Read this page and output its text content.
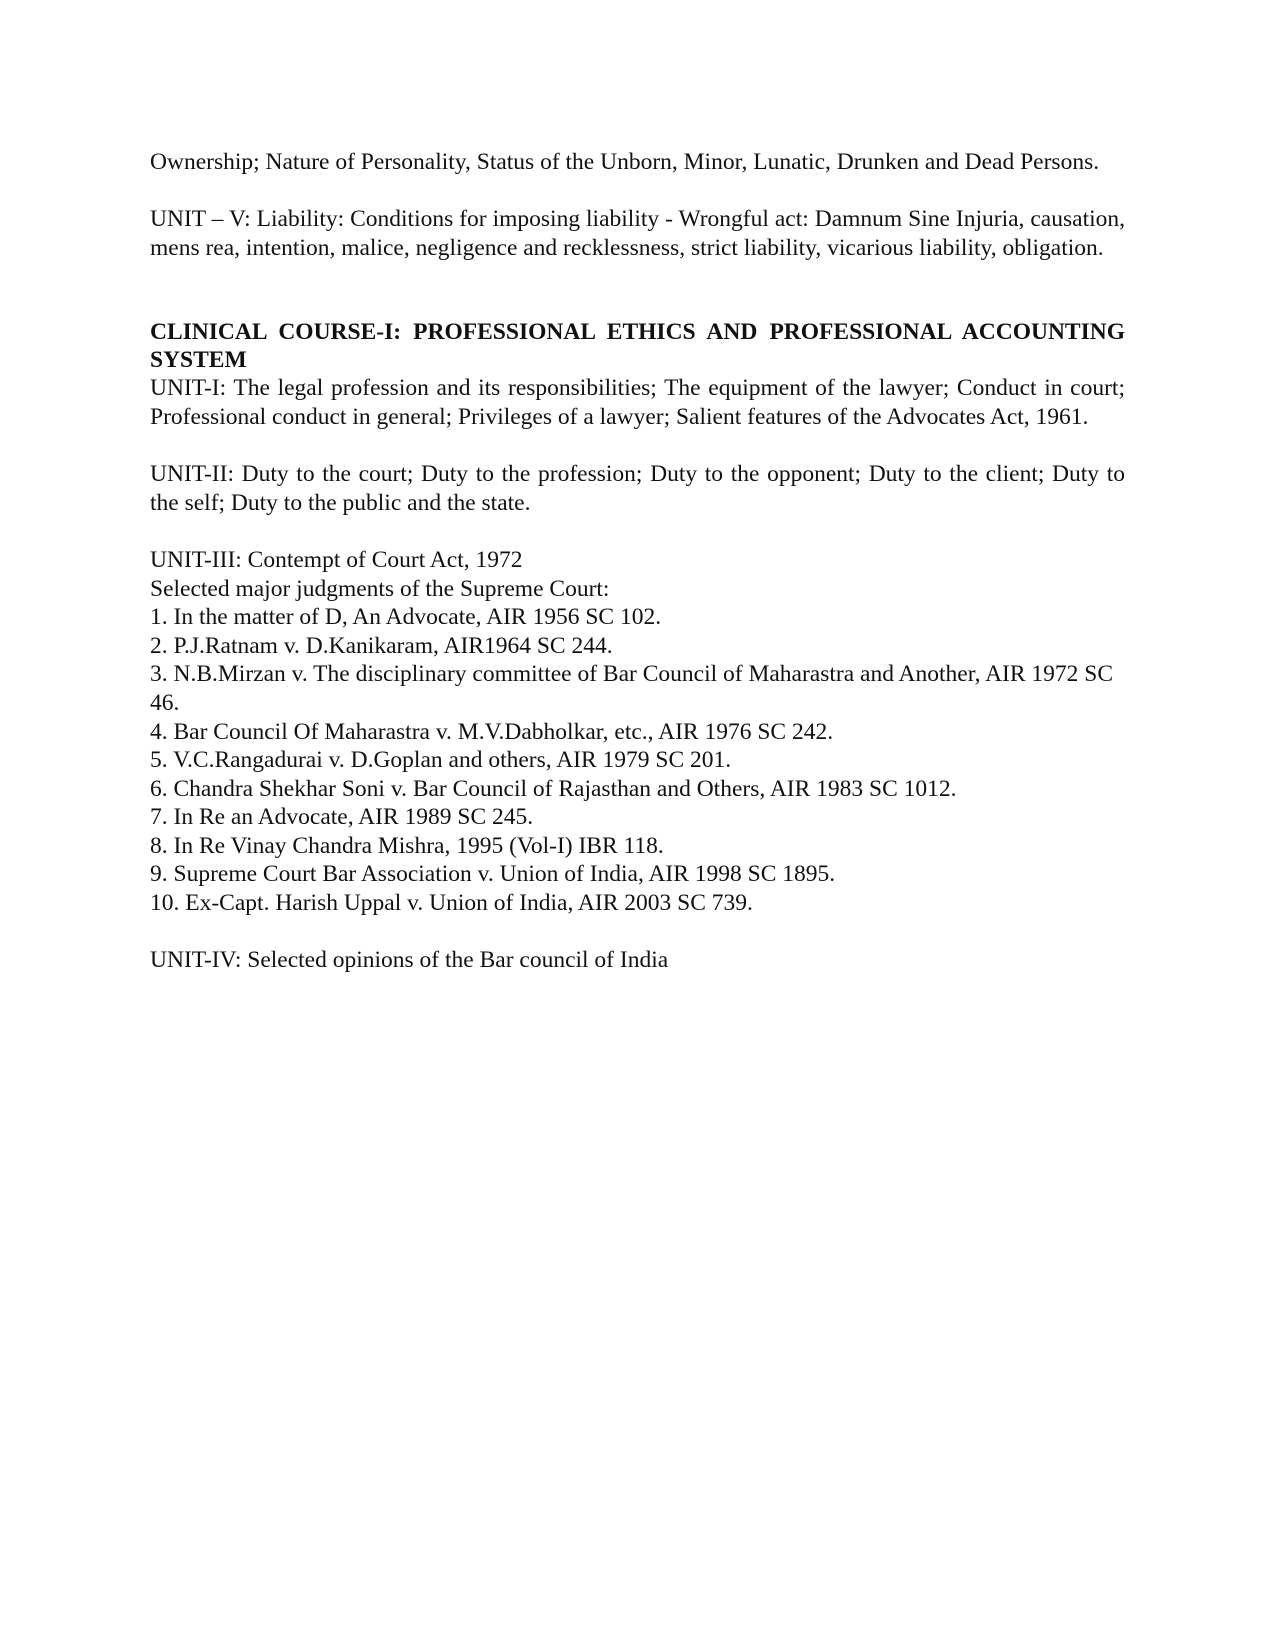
Ownership; Nature of Personality, Status of the Unborn, Minor, Lunatic, Drunken and Dead Persons.

UNIT – V: Liability: Conditions for imposing liability - Wrongful act: Damnum Sine Injuria, causation, mens rea, intention, malice, negligence and recklessness, strict liability, vicarious liability, obligation.

CLINICAL COURSE-I: PROFESSIONAL ETHICS AND PROFESSIONAL ACCOUNTING SYSTEM

UNIT-I: The legal profession and its responsibilities; The equipment of the lawyer; Conduct in court; Professional conduct in general; Privileges of a lawyer; Salient features of the Advocates Act, 1961.

UNIT-II: Duty to the court; Duty to the profession; Duty to the opponent; Duty to the client; Duty to the self; Duty to the public and the state.

UNIT-III: Contempt of Court Act, 1972

Selected major judgments of the Supreme Court:

1. In the matter of D, An Advocate, AIR 1956 SC 102.
2. P.J.Ratnam v. D.Kanikaram, AIR1964 SC 244.
3. N.B.Mirzan v. The disciplinary committee of Bar Council of Maharastra and Another, AIR 1972 SC 46.
4. Bar Council Of Maharastra v. M.V.Dabholkar, etc., AIR 1976 SC 242.
5. V.C.Rangadurai v. D.Goplan and others, AIR 1979 SC 201.
6. Chandra Shekhar Soni v. Bar Council of Rajasthan and Others, AIR 1983 SC 1012.
7. In Re an Advocate, AIR 1989 SC 245.
8. In Re Vinay Chandra Mishra, 1995 (Vol-I) IBR 118.
9. Supreme Court Bar Association v. Union of India, AIR 1998 SC 1895.
10. Ex-Capt. Harish Uppal v. Union of India, AIR 2003 SC 739.

UNIT-IV: Selected opinions of the Bar council of India
